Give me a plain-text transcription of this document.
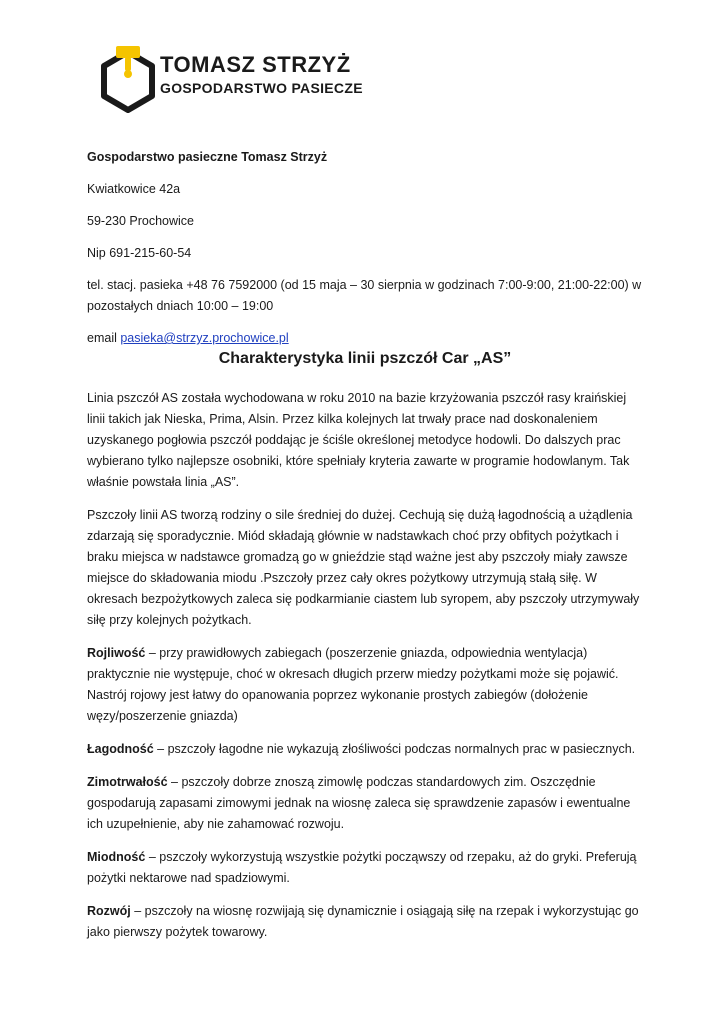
TOMASZ STRZYŻ
GOSPODARSTWO PASIECZE

Gospodarstwo pasieczne Tomasz Strzyż

Kwiatkowice 42a

59-230 Prochowice

Nip 691-215-60-54

tel. stacj. pasieka +48 76 7592000 (od 15 maja – 30 sierpnia w godzinach 7:00-9:00, 21:00-22:00) w pozostałych dniach 10:00 – 19:00

email pasieka@strzyz.prochowice.pl

Charakterystyka linii pszczół Car „AS”

Linia pszczół AS została wychodowana w roku 2010 na bazie krzyżowania pszczół rasy kraińskiej linii takich jak Nieska, Prima, Alsin. Przez kilka kolejnych lat trwały prace nad doskonaleniem uzyskanego pogłowia pszczół poddając je ściśle określonej metodyce hodowli. Do dalszych prac wybierano tylko najlepsze osobniki, które spełniały kryteria zawarte w programie hodowlanym. Tak właśnie powstała linia „AS”.

Pszczoły linii AS tworzą rodziny o sile średniej do dużej. Cechują się dużą łagodnością a użądlenia zdarzają się sporadycznie. Miód składają głównie w nadstawkach choć przy obfitych pożytkach i braku miejsca w nadstawce gromadzą go w gnieździe stąd ważne jest aby pszczoły miały zawsze miejsce do składowania miodu .Pszczoły przez cały okres pożytkowy utrzymują stałą siłę. W okresach bezpożytkowych zaleca się podkarmianie ciastem lub syropem, aby pszczoły utrzymywały siłę przy kolejnych pożytkach.

Rojliwość – przy prawidłowych zabiegach (poszerzenie gniazda, odpowiednia wentylacja) praktycznie nie występuje, choć w okresach długich przerw miedzy pożytkami może się pojawić. Nastrój rojowy jest łatwy do opanowania poprzez wykonanie prostych zabiegów (dołożenie węzy/poszerzenie gniazda)

Łagodność – pszczoły łagodne nie wykazują złośliwości podczas normalnych prac w pasiecznych.

Zimotrwałość – pszczoły dobrze znoszą zimowlę podczas standardowych zim. Oszczędnie gospodarują zapasami zimowymi jednak na wiosnę zaleca się sprawdzenie zapasów i ewentualne ich uzupełnienie, aby nie zahamować rozwoju.

Miodność – pszczoły wykorzystują wszystkie pożytki począwszy od rzepaku, aż do gryki. Preferują pożytki nektarowe nad spadziowymi.

Rozwój – pszczoły na wiosnę rozwijają się dynamicznie i osiągają siłę na rzepak i wykorzystując go jako pierwszy pożytek towarowy.
